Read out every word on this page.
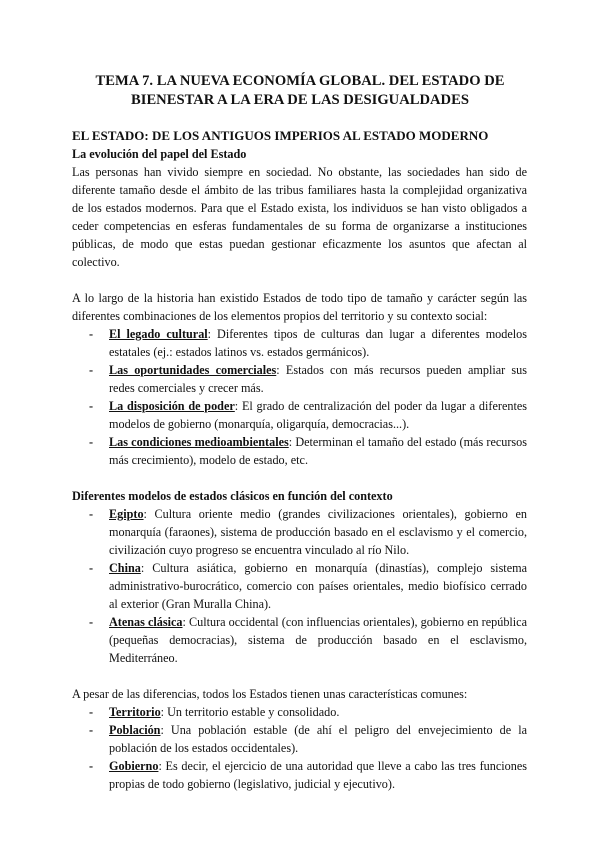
TEMA 7. LA NUEVA ECONOMÍA GLOBAL. DEL ESTADO DE
BIENESTAR A LA ERA DE LAS DESIGUALDADES

EL ESTADO: DE LOS ANTIGUOS IMPERIOS AL ESTADO MODERNO

La evolución del papel del Estado

Las personas han vivido siempre en sociedad. No obstante, las sociedades han sido de diferente tamaño desde el ámbito de las tribus familiares hasta la complejidad organizativa de los estados modernos. Para que el Estado exista, los individuos se han visto obligados a ceder competencias en esferas fundamentales de su forma de organizarse a instituciones públicas, de modo que estas puedan gestionar eficazmente los asuntos que afectan al colectivo.

A lo largo de la historia han existido Estados de todo tipo de tamaño y carácter según las diferentes combinaciones de los elementos propios del territorio y su contexto social:

- El legado cultural: Diferentes tipos de culturas dan lugar a diferentes modelos estatales (ej.: estados latinos vs. estados germánicos).
- Las oportunidades comerciales: Estados con más recursos pueden ampliar sus redes comerciales y crecer más.
- La disposición de poder: El grado de centralización del poder da lugar a diferentes modelos de gobierno (monarquía, oligarquía, democracias...).
- Las condiciones medioambientales: Determinan el tamaño del estado (más recursos más crecimiento), modelo de estado, etc.

Diferentes modelos de estados clásicos en función del contexto

- Egipto: Cultura oriente medio (grandes civilizaciones orientales), gobierno en monarquía (faraones), sistema de producción basado en el esclavismo y el comercio, civilización cuyo progreso se encuentra vinculado al río Nilo.
- China: Cultura asiática, gobierno en monarquía (dinastías), complejo sistema administrativo-burocrático, comercio con países orientales, medio biofísico cerrado al exterior (Gran Muralla China).
- Atenas clásica: Cultura occidental (con influencias orientales), gobierno en república (pequeñas democracias), sistema de producción basado en el esclavismo, Mediterráneo.

A pesar de las diferencias, todos los Estados tienen unas características comunes:

- Territorio: Un territorio estable y consolidado.
- Población: Una población estable (de ahí el peligro del envejecimiento de la población de los estados occidentales).
- Gobierno: Es decir, el ejercicio de una autoridad que lleve a cabo las tres funciones propias de todo gobierno (legislativo, judicial y ejecutivo).
